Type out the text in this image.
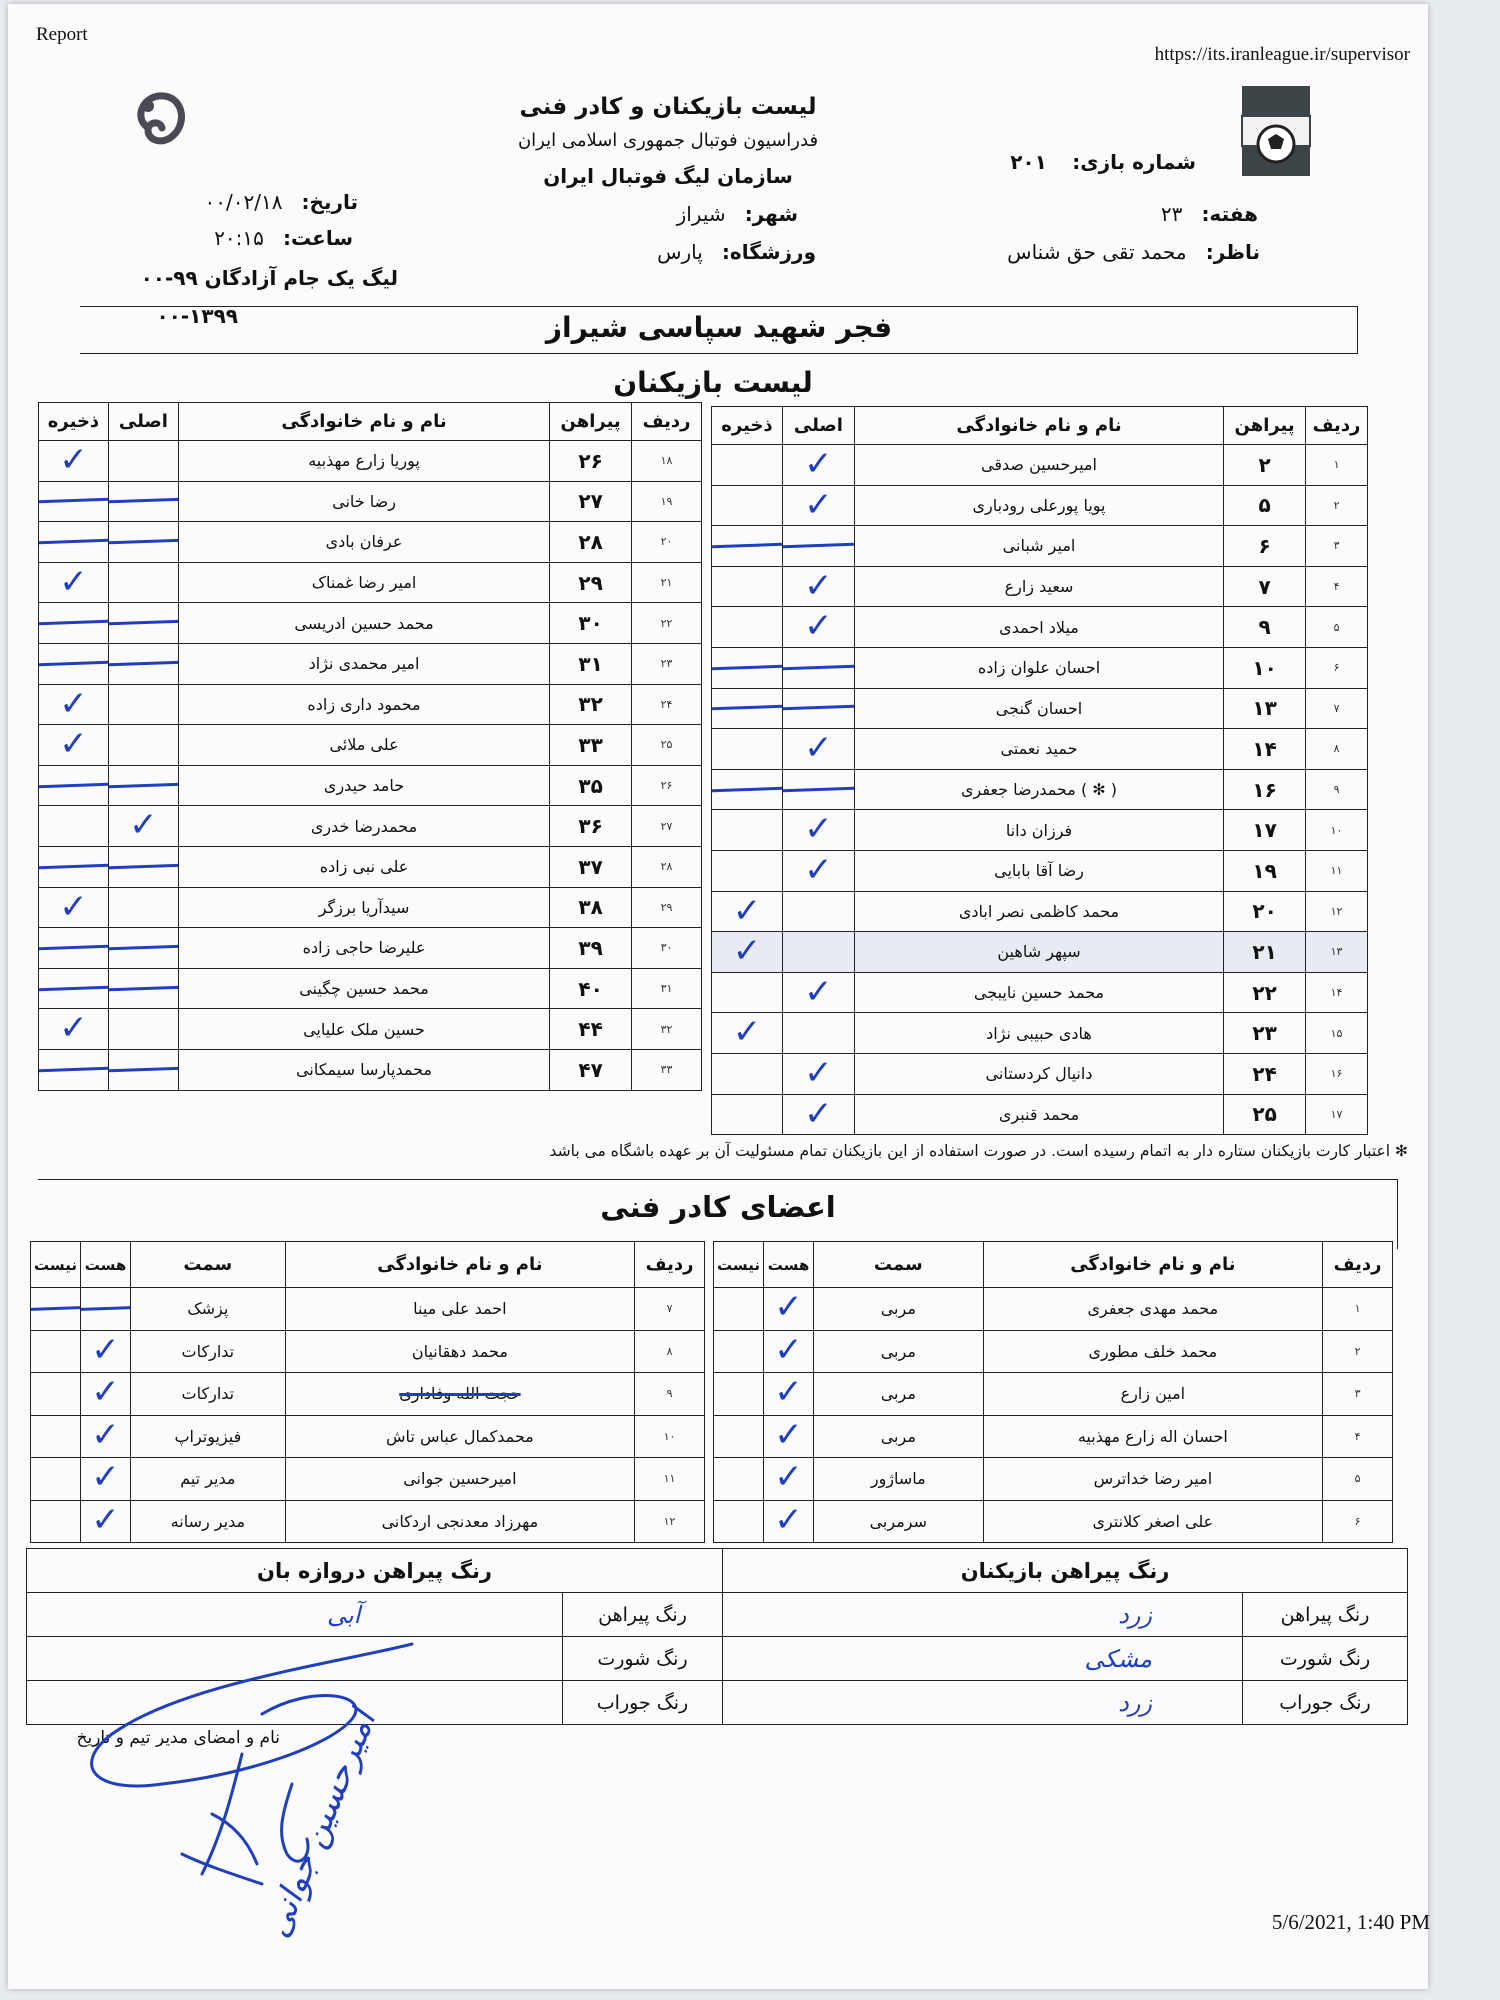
Report
https://its.iranleague.ir/supervisor
لیست بازیکنان و کادر فنی
فدراسیون فوتبال جمهوری اسلامی ایران
سازمان لیگ فوتبال ایران
شماره بازی:    ۲۰۱
هفته:   ۲۳
ناظر:   محمد تقی حق شناس
شهر:   شیراز
ورزشگاه:   پارس
تاریخ:   ۰۰/۰۲/۱۸
ساعت:   ۲۰:۱۵
لیگ یک جام آزادگان ۹۹-۰۰
۰۰-۱۳۹۹	فجر شهید سپاسی شیراز
لیست بازیکنان
ردیف	پیراهن	نام و نام خانوادگی	اصلی	ذخیره
۱	۲	امیرحسین صدقی	✓	
۲	۵	پویا پورعلی رودباری	✓	
۳	۶	امیر شبانی		
۴	۷	سعید زارع	✓	
۵	۹	میلاد احمدی	✓	
۶	۱۰	احسان علوان زاده		
۷	۱۳	احسان گنجی		
۸	۱۴	حمید نعمتی	✓	
۹	۱۶	( ✻ ) محمدرضا جعفری		
۱۰	۱۷	فرزان دانا	✓	
۱۱	۱۹	رضا آقا بابایی	✓	
۱۲	۲۰	محمد کاظمی نصر ابادی		✓
۱۳	۲۱	سپهر شاهین		✓
۱۴	۲۲	محمد حسین نایبجی	✓	
۱۵	۲۳	هادی حبیبی نژاد		✓
۱۶	۲۴	دانیال کردستانی	✓	
۱۷	۲۵	محمد قنبری	✓	
ردیف	پیراهن	نام و نام خانوادگی	اصلی	ذخیره
۱۸	۲۶	پوریا زارع مهذبیه		✓
۱۹	۲۷	رضا خانی		
۲۰	۲۸	عرفان بادی		
۲۱	۲۹	امیر رضا غمناک		✓
۲۲	۳۰	محمد حسین ادریسی		
۲۳	۳۱	امیر محمدی نژاد		
۲۴	۳۲	محمود داری زاده		✓
۲۵	۳۳	علی ملائی		✓
۲۶	۳۵	حامد حیدری		
۲۷	۳۶	محمدرضا خدری	✓	
۲۸	۳۷	علی نبی زاده		
۲۹	۳۸	سیدآریا برزگر		✓
۳۰	۳۹	علیرضا حاجی زاده		
۳۱	۴۰	محمد حسین چگینی		
۳۲	۴۴	حسین ملک علیایی		✓
۳۳	۴۷	محمدپارسا سیمکانی		
✻ اعتبار کارت بازیکنان ستاره دار به اتمام رسیده است. در صورت استفاده از این بازیکنان تمام مسئولیت آن بر عهده باشگاه می باشد
اعضای کادر فنی
ردیف	نام و نام خانوادگی	سمت	هست	نیست
۱	محمد مهدی جعفری	مربی	✓	
۲	محمد خلف مطوری	مربی	✓	
۳	امین زارع	مربی	✓	
۴	احسان اله زارع مهذبیه	مربی	✓	
۵	امیر رضا خداترس	ماساژور	✓	
۶	علی اصغر کلانتری	سرمربی	✓	
ردیف	نام و نام خانوادگی	سمت	هست	نیست
۷	احمد علی مینا	پزشک		
۸	محمد دهقانیان	تدارکات	✓	
۹	حجت الله وفاداری	تدارکات	✓	
۱۰	محمدکمال عباس تاش	فیزیوتراپ	✓	
۱۱	امیرحسین جوانی	مدیر تیم	✓	
۱۲	مهرزاد معدنجی اردکانی	مدیر رسانه	✓	
رنگ پیراهن بازیکنان		رنگ پیراهن دروازه بان	
رنگ پیراهن	زرد	رنگ پیراهن	آبی
رنگ شورت	مشکی	رنگ شورت	
رنگ جوراب	زرد	رنگ جوراب	
نام و امضای مدیر تیم و تاریخ
امیرحسین جوانی	5/6/2021, 1:40 PM
